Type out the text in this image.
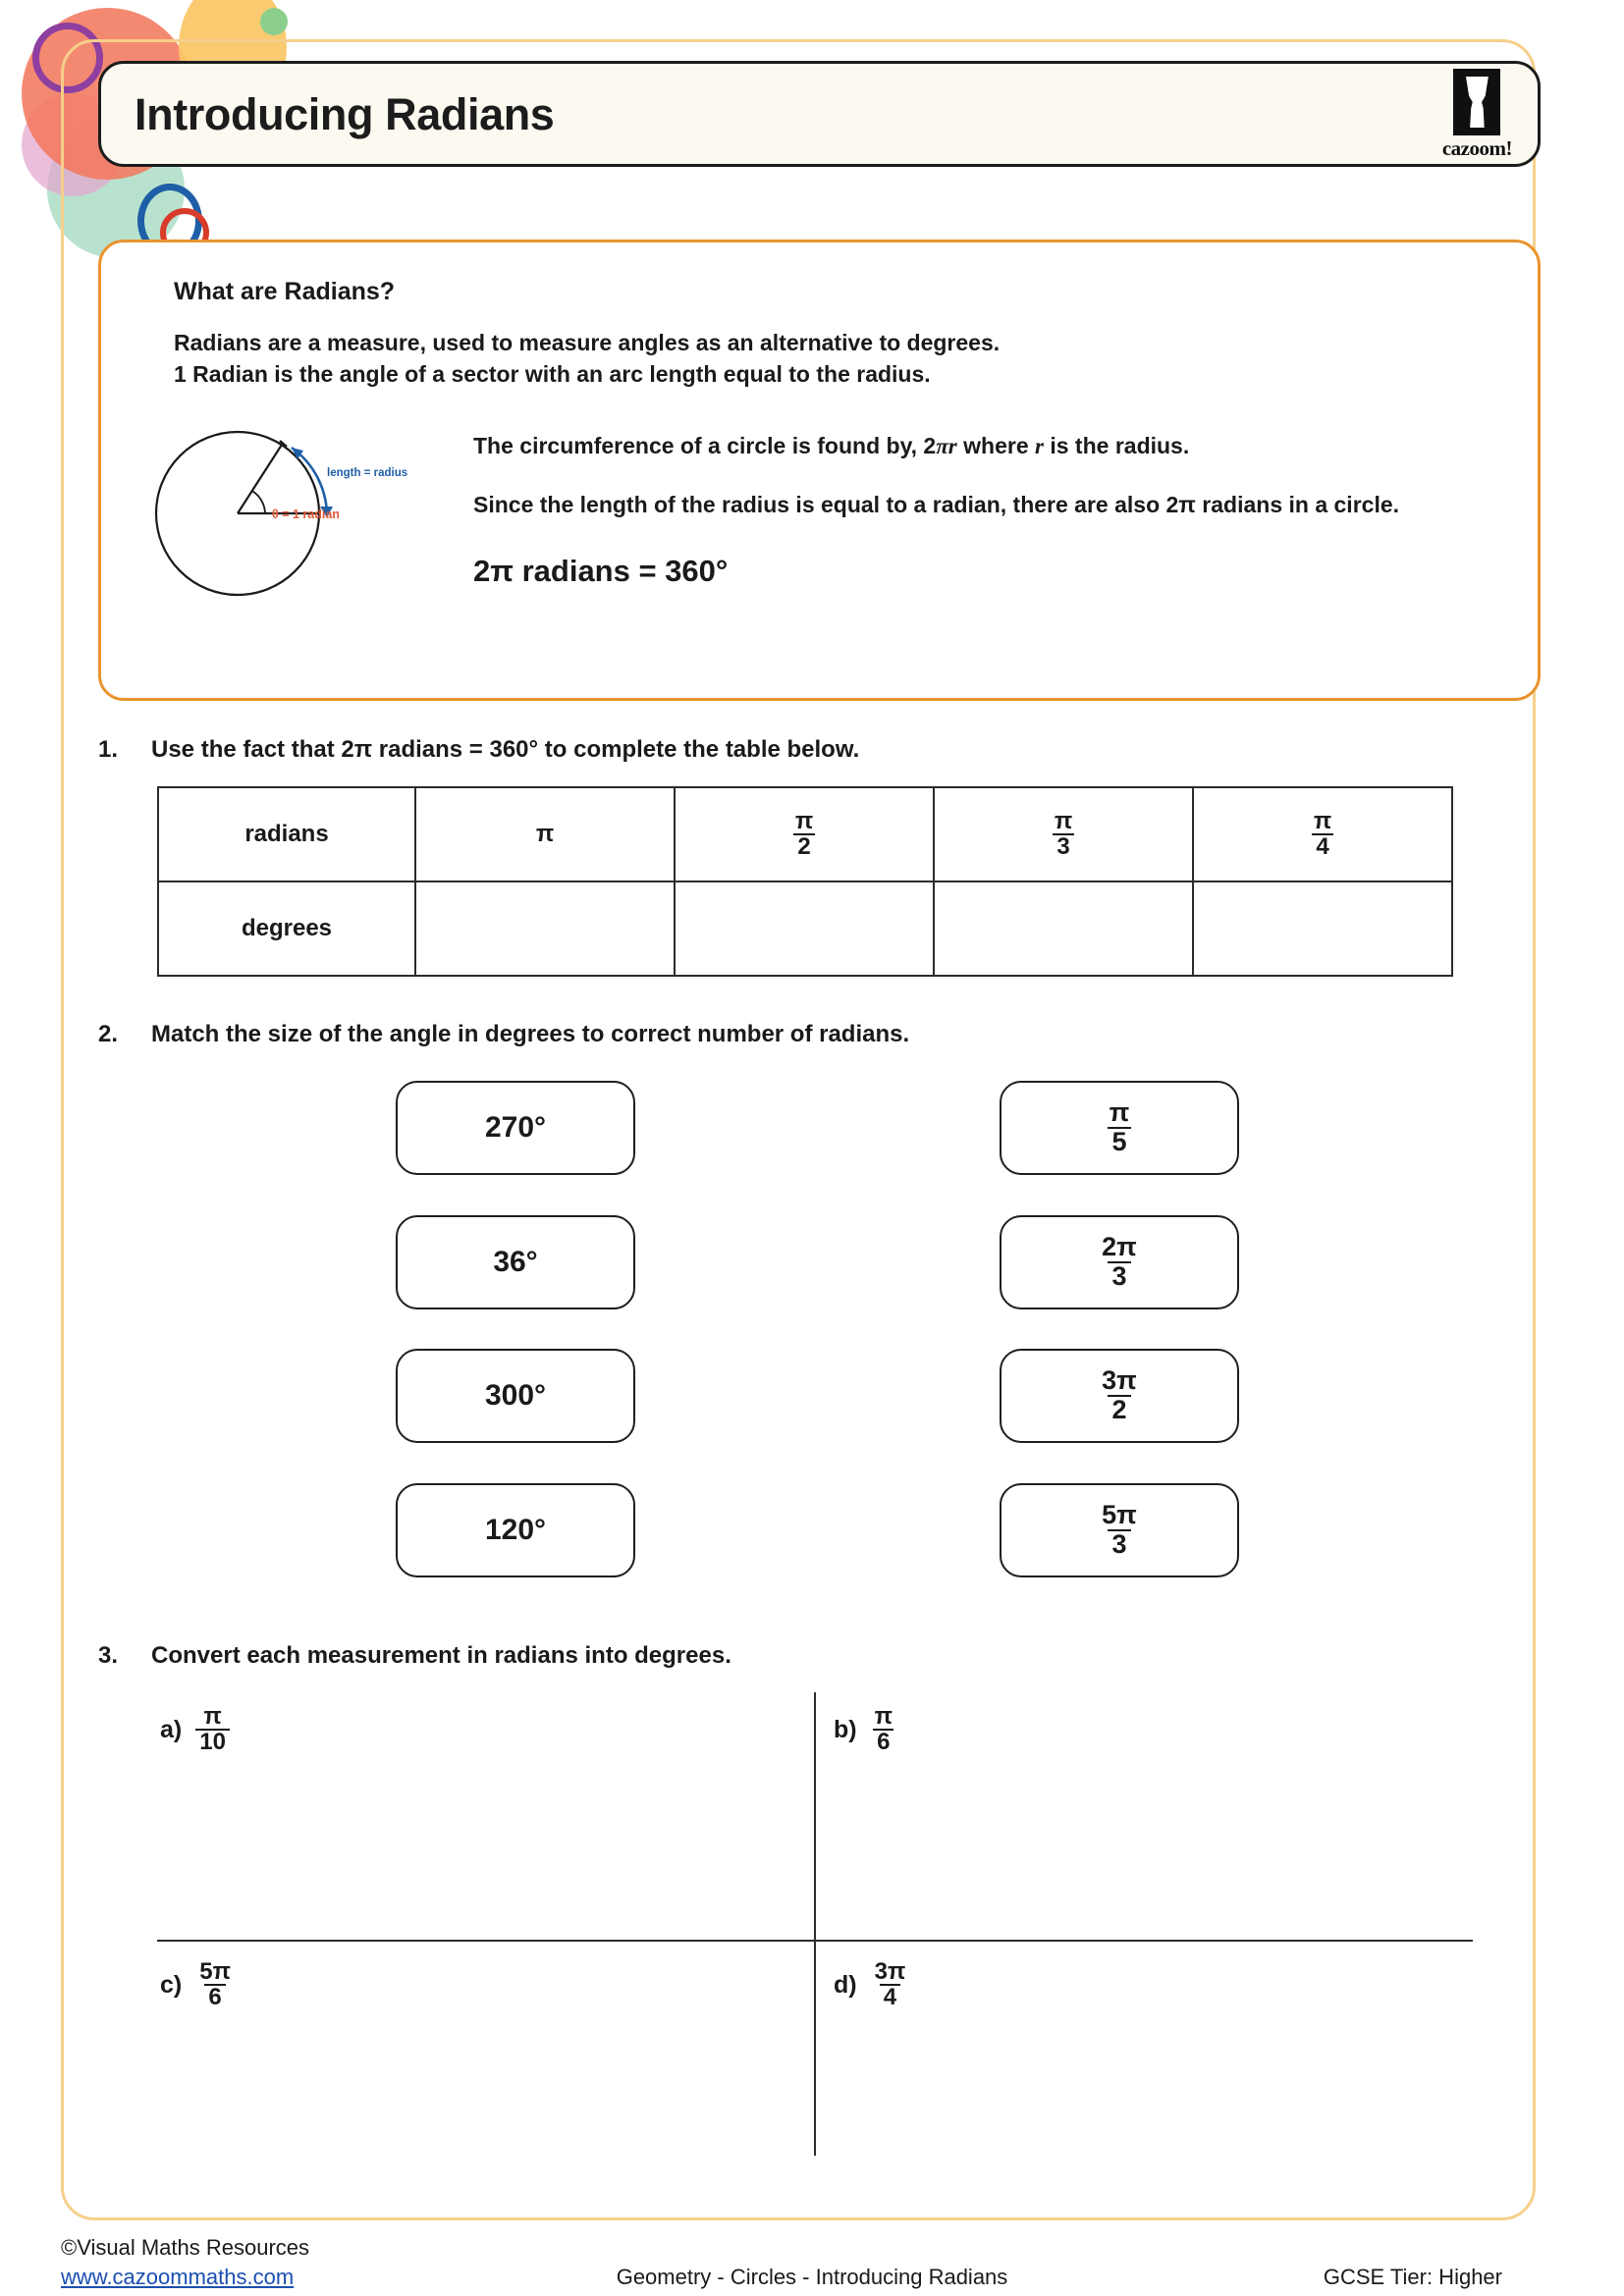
Introducing Radians
cazoom!
What are Radians?
Radians are a measure, used to measure angles as an alternative to degrees.
1 Radian is the angle of a sector with an arc length equal to the radius.
length = radius
θ = 1 radian

The circumference of a circle is found by, 2πr where r is the radius.

Since the length of the radius is equal to a radian, there are also 2π radians in a circle.

2π radians = 360°
1.	Use the fact that 2π radians = 360° to complete the table below.
radians	π	$\frac{\pi}{2}$	$\frac{\pi}{3}$	$\frac{\pi}{4}$

degrees				
2.	Match the size of the angle in degrees to correct number of radians.
270°
36°
300°
120°
$\frac{\pi}{5}$
$\frac{2\pi}{3}$
$\frac{3\pi}{2}$
$\frac{5\pi}{3}$
3.	Convert each measurement in radians into degrees.
$a) \frac{\pi}{10}$	$b) \frac{\pi}{6}$
$c) \frac{5\pi}{6}$	$d) \frac{3\pi}{4}$
©Visual Maths Resources
www.cazoommaths.com	Geometry - Circles - Introducing Radians	GCSE Tier: Higher
